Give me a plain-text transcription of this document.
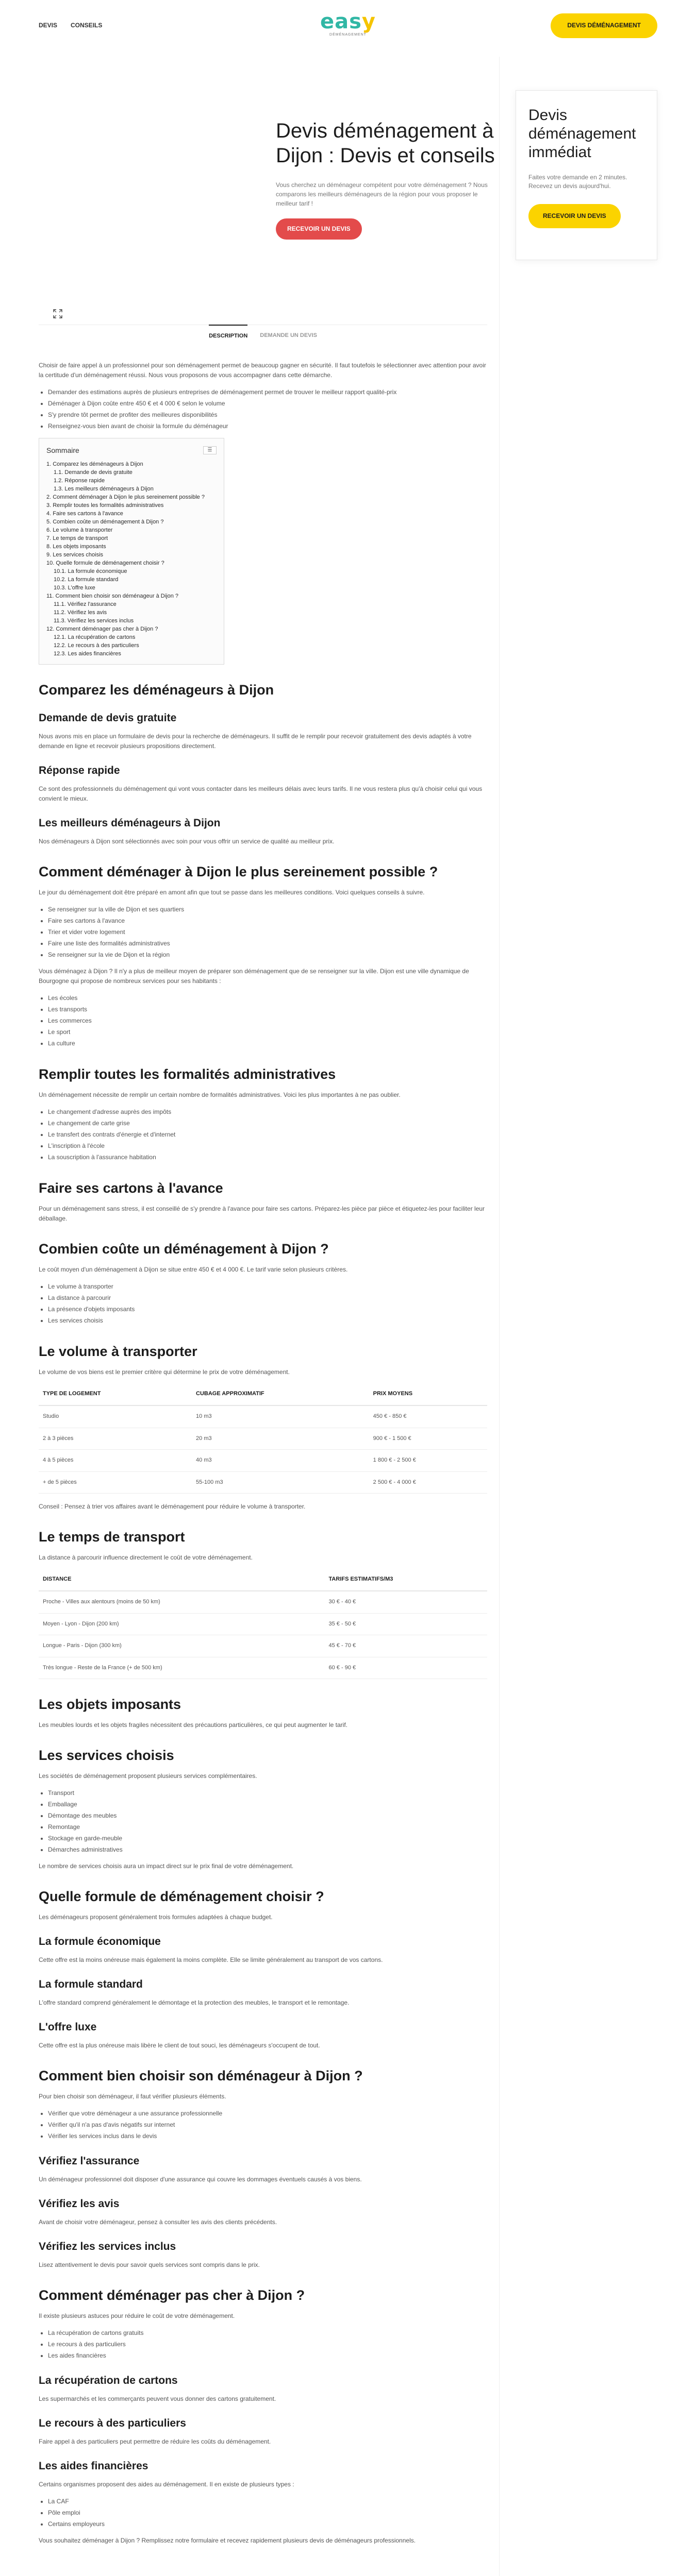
DEVIS CONSEILS	easy
DÉMÉNAGEMENT
DEVIS DÉMÉNAGEMENT
Devis déménagement à Dijon : Devis et conseils

Vous cherchez un déménageur compétent pour votre déménagement ? Nous comparons les meilleurs déménageurs de la région pour vous proposer le meilleur tarif !

RECEVOIR UN DEVIS
Devis déménagement immédiat

Faites votre demande en 2 minutes. Recevez un devis aujourd'hui.

RECEVOIR UN DEVIS
DESCRIPTION DEMANDE UN DEVIS

Choisir de faire appel à un professionnel pour son déménagement permet de beaucoup gagner en sécurité. Il faut toutefois le sélectionner avec attention pour avoir la certitude d'un déménagement réussi. Nous vous proposons de vous accompagner dans cette démarche.

• Demander des estimations auprès de plusieurs entreprises de déménagement permet de trouver le meilleur rapport qualité-prix
• Déménager à Dijon coûte entre 450 € et 4 000 € selon le volume
• S'y prendre tôt permet de profiter des meilleures disponibilités
• Renseignez-vous bien avant de choisir la formule du déménageur
Sommaire	☰
1. Comparez les déménageurs à Dijon
1.1. Demande de devis gratuite
1.2. Réponse rapide
1.3. Les meilleurs déménageurs à Dijon
2. Comment déménager à Dijon le plus sereinement possible ?
3. Remplir toutes les formalités administratives
4. Faire ses cartons à l'avance
5. Combien coûte un déménagement à Dijon ?
6. Le volume à transporter
7. Le temps de transport
8. Les objets imposants
9. Les services choisis
10. Quelle formule de déménagement choisir ?
10.1. La formule économique
10.2. La formule standard
10.3. L'offre luxe
11. Comment bien choisir son déménageur à Dijon ?
11.1. Vérifiez l'assurance
11.2. Vérifiez les avis
11.3. Vérifiez les services inclus
12. Comment déménager pas cher à Dijon ?
12.1. La récupération de cartons
12.2. Le recours à des particuliers
12.3. Les aides financières
Comparez les déménageurs à Dijon
Demande de devis gratuite

Nous avons mis en place un formulaire de devis pour la recherche de déménageurs. Il suffit de le remplir pour recevoir gratuitement des devis adaptés à votre demande en ligne et recevoir plusieurs propositions directement.

Réponse rapide

Ce sont des professionnels du déménagement qui vont vous contacter dans les meilleurs délais avec leurs tarifs. Il ne vous restera plus qu'à choisir celui qui vous convient le mieux.

Les meilleurs déménageurs à Dijon

Nos déménageurs à Dijon sont sélectionnés avec soin pour vous offrir un service de qualité au meilleur prix.

Comment déménager à Dijon le plus sereinement possible ?

Le jour du déménagement doit être préparé en amont afin que tout se passe dans les meilleures conditions. Voici quelques conseils à suivre.

• Se renseigner sur la ville de Dijon et ses quartiers
• Faire ses cartons à l'avance
• Trier et vider votre logement
• Faire une liste des formalités administratives
• Se renseigner sur la vie de Dijon et la région

Vous déménagez à Dijon ? Il n'y a plus de meilleur moyen de préparer son déménagement que de se renseigner sur la ville. Dijon est une ville dynamique de Bourgogne qui propose de nombreux services pour ses habitants :

• Les écoles
• Les transports
• Les commerces
• Le sport
• La culture
Remplir toutes les formalités administratives

Un déménagement nécessite de remplir un certain nombre de formalités administratives. Voici les plus importantes à ne pas oublier.

• Le changement d'adresse auprès des impôts
• Le changement de carte grise
• Le transfert des contrats d'énergie et d'internet
• L'inscription à l'école
• La souscription à l'assurance habitation
Faire ses cartons à l'avance

Pour un déménagement sans stress, il est conseillé de s'y prendre à l'avance pour faire ses cartons. Préparez-les pièce par pièce et étiquetez-les pour faciliter leur déballage.

Combien coûte un déménagement à Dijon ?

Le coût moyen d'un déménagement à Dijon se situe entre 450 € et 4 000 €. Le tarif varie selon plusieurs critères.

• Le volume à transporter
• La distance à parcourir
• La présence d'objets imposants
• Les services choisis
Le volume à transporter

Le volume de vos biens est le premier critère qui détermine le prix de votre déménagement.

TYPE DE LOGEMENT	CUBAGE APPROXIMATIF	PRIX MOYENS
Studio	10 m3	450 € - 850 €
2 à 3 pièces	20 m3	900 € - 1 500 €
4 à 5 pièces	40 m3	1 800 € - 2 500 €
+ de 5 pièces	55-100 m3	2 500 € - 4 000 €

Conseil : Pensez à trier vos affaires avant le déménagement pour réduire le volume à transporter.

Le temps de transport

La distance à parcourir influence directement le coût de votre déménagement.

DISTANCE	TARIFS ESTIMATIFS/M3
Proche - Villes aux alentours (moins de 50 km)	30 € - 40 €
Moyen - Lyon - Dijon (200 km)	35 € - 50 €
Longue - Paris - Dijon (300 km)	45 € - 70 €
Très longue - Reste de la France (+ de 500 km)	60 € - 90 €
Les objets imposants

Les meubles lourds et les objets fragiles nécessitent des précautions particulières, ce qui peut augmenter le tarif.

Les services choisis

Les sociétés de déménagement proposent plusieurs services complémentaires.

• Transport
• Emballage
• Démontage des meubles
• Remontage
• Stockage en garde-meuble
• Démarches administratives

Le nombre de services choisis aura un impact direct sur le prix final de votre déménagement.

Quelle formule de déménagement choisir ?

Les déménageurs proposent généralement trois formules adaptées à chaque budget.

La formule économique

Cette offre est la moins onéreuse mais également la moins complète. Elle se limite généralement au transport de vos cartons.

La formule standard

L'offre standard comprend généralement le démontage et la protection des meubles, le transport et le remontage.

L'offre luxe

Cette offre est la plus onéreuse mais libère le client de tout souci, les déménageurs s'occupent de tout.

Comment bien choisir son déménageur à Dijon ?

Pour bien choisir son déménageur, il faut vérifier plusieurs éléments.

• Vérifier que votre déménageur a une assurance professionnelle
• Vérifier qu'il n'a pas d'avis négatifs sur internet
• Vérifier les services inclus dans le devis
Vérifiez l'assurance

Un déménageur professionnel doit disposer d'une assurance qui couvre les dommages éventuels causés à vos biens.

Vérifiez les avis

Avant de choisir votre déménageur, pensez à consulter les avis des clients précédents.

Vérifiez les services inclus

Lisez attentivement le devis pour savoir quels services sont compris dans le prix.

Comment déménager pas cher à Dijon ?

Il existe plusieurs astuces pour réduire le coût de votre déménagement.

• La récupération de cartons gratuits
• Le recours à des particuliers
• Les aides financières
La récupération de cartons

Les supermarchés et les commerçants peuvent vous donner des cartons gratuitement.

Le recours à des particuliers

Faire appel à des particuliers peut permettre de réduire les coûts du déménagement.

Les aides financières

Certains organismes proposent des aides au déménagement. Il en existe de plusieurs types :

• La CAF
• Pôle emploi
• Certains employeurs

Vous souhaitez déménager à Dijon ? Remplissez notre formulaire et recevez rapidement plusieurs devis de déménageurs professionnels.
